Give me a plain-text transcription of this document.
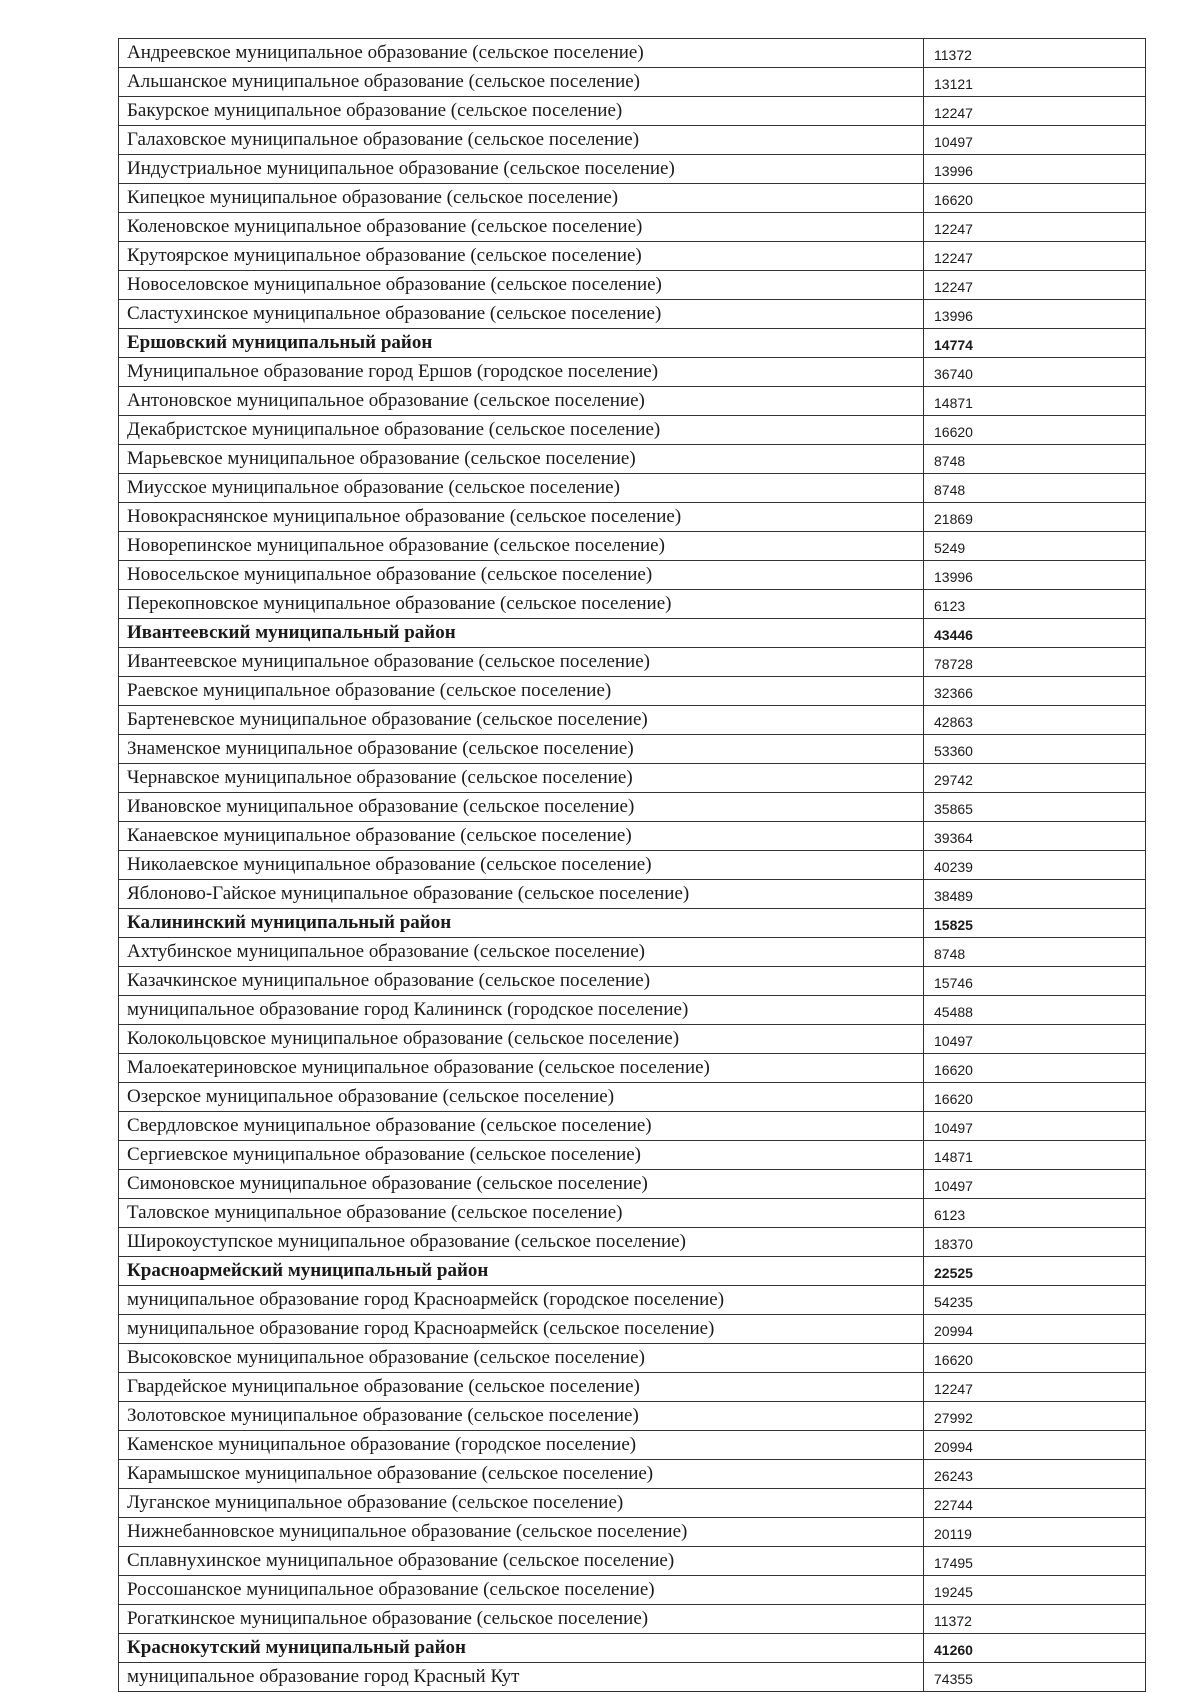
Андреевское муниципальное образование (сельское поселение)	11372
Альшанское муниципальное образование (сельское поселение)	13121
Бакурское муниципальное образование (сельское поселение)	12247
Галаховское муниципальное образование (сельское поселение)	10497
Индустриальное муниципальное образование (сельское поселение)	13996
Кипецкое муниципальное образование (сельское поселение)	16620
Коленовское муниципальное образование (сельское поселение)	12247
Крутоярское муниципальное образование (сельское поселение)	12247
Новоселовское муниципальное образование (сельское поселение)	12247
Сластухинское муниципальное образование (сельское поселение)	13996
Ершовский муниципальный район	14774
Муниципальное образование город Ершов (городское поселение)	36740
Антоновское муниципальное образование (сельское поселение)	14871
Декабристское муниципальное образование (сельское поселение)	16620
Марьевское муниципальное образование (сельское поселение)	8748
Миусское муниципальное образование (сельское поселение)	8748
Новокраснянское муниципальное образование (сельское поселение)	21869
Новорепинское муниципальное образование (сельское поселение)	5249
Новосельское муниципальное образование (сельское поселение)	13996
Перекопновское муниципальное образование (сельское поселение)	6123
Ивантеевский муниципальный район	43446
Ивантеевское муниципальное образование (сельское поселение)	78728
Раевское муниципальное образование (сельское поселение)	32366
Бартеневское муниципальное образование (сельское поселение)	42863
Знаменское муниципальное образование (сельское поселение)	53360
Чернавское муниципальное образование (сельское поселение)	29742
Ивановское муниципальное образование (сельское поселение)	35865
Канаевское муниципальное образование (сельское поселение)	39364
Николаевское муниципальное образование (сельское поселение)	40239
Яблоново-Гайское муниципальное образование (сельское поселение)	38489
Калининский муниципальный район	15825
Ахтубинское муниципальное образование (сельское поселение)	8748
Казачкинское муниципальное образование (сельское поселение)	15746
муниципальное образование город Калининск (городское поселение)	45488
Колокольцовское муниципальное образование (сельское поселение)	10497
Малоекатериновское муниципальное образование (сельское поселение)	16620
Озерское муниципальное образование (сельское поселение)	16620
Свердловское муниципальное образование (сельское поселение)	10497
Сергиевское муниципальное образование (сельское поселение)	14871
Симоновское муниципальное образование (сельское поселение)	10497
Таловское муниципальное образование (сельское поселение)	6123
Широкоуступское муниципальное образование (сельское поселение)	18370
Красноармейский муниципальный район	22525
муниципальное образование город Красноармейск (городское поселение)	54235
муниципальное образование город Красноармейск (сельское поселение)	20994
Высоковское муниципальное образование (сельское поселение)	16620
Гвардейское муниципальное образование (сельское поселение)	12247
Золотовское муниципальное образование (сельское поселение)	27992
Каменское муниципальное образование (городское поселение)	20994
Карамышское муниципальное образование (сельское поселение)	26243
Луганское муниципальное образование (сельское поселение)	22744
Нижнебанновское муниципальное образование (сельское поселение)	20119
Сплавнухинское муниципальное образование (сельское поселение)	17495
Россошанское муниципальное образование (сельское поселение)	19245
Рогаткинское муниципальное образование (сельское поселение)	11372
Краснокутский муниципальный район	41260
муниципальное образование город Красный Кут	74355
